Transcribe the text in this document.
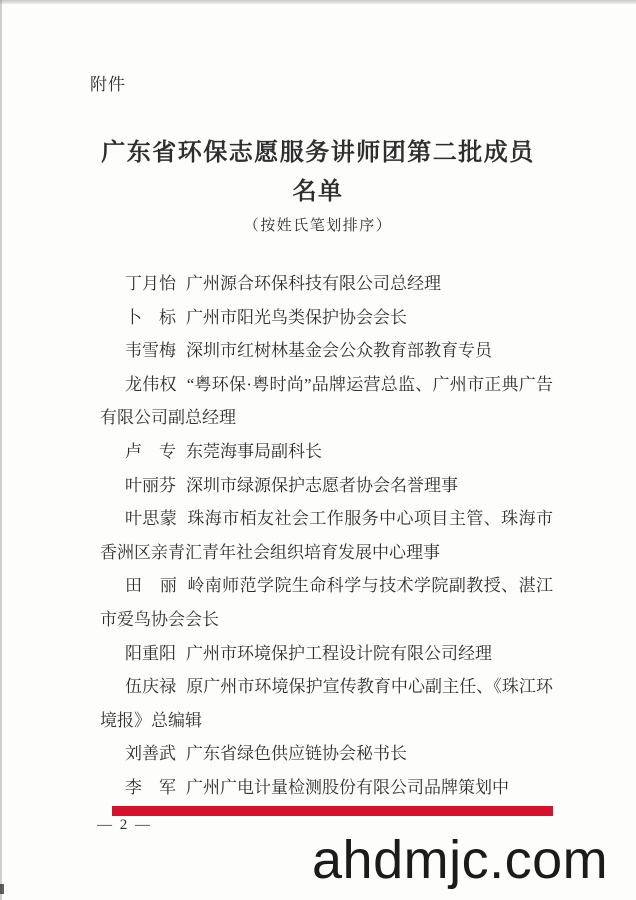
附件
广东省环保志愿服务讲师团第二批成员
名单
（按姓氏笔划排序）

丁月怡 广州源合环保科技有限公司总经理

卜　标 广州市阳光鸟类保护协会会长

韦雪梅 深圳市红树林基金会公众教育部教育专员

龙伟权 “粤环保·粤时尚”品牌运营总监、广州市正典广告有限公司副总经理

卢　专 东莞海事局副科长

叶丽芬 深圳市绿源保护志愿者协会名誉理事

叶思蒙 珠海市栢友社会工作服务中心项目主管、珠海市香洲区亲青汇青年社会组织培育发展中心理事

田　丽 岭南师范学院生命科学与技术学院副教授、湛江市爱鸟协会会长

阳重阳 广州市环境保护工程设计院有限公司经理

伍庆禄 原广州市环境保护宣传教育中心副主任、《珠江环境报》总编辑

刘善武 广东省绿色供应链协会秘书长

李　军 广州广电计量检测股份有限公司品牌策划中

— 2 —
ahdmjc.com
